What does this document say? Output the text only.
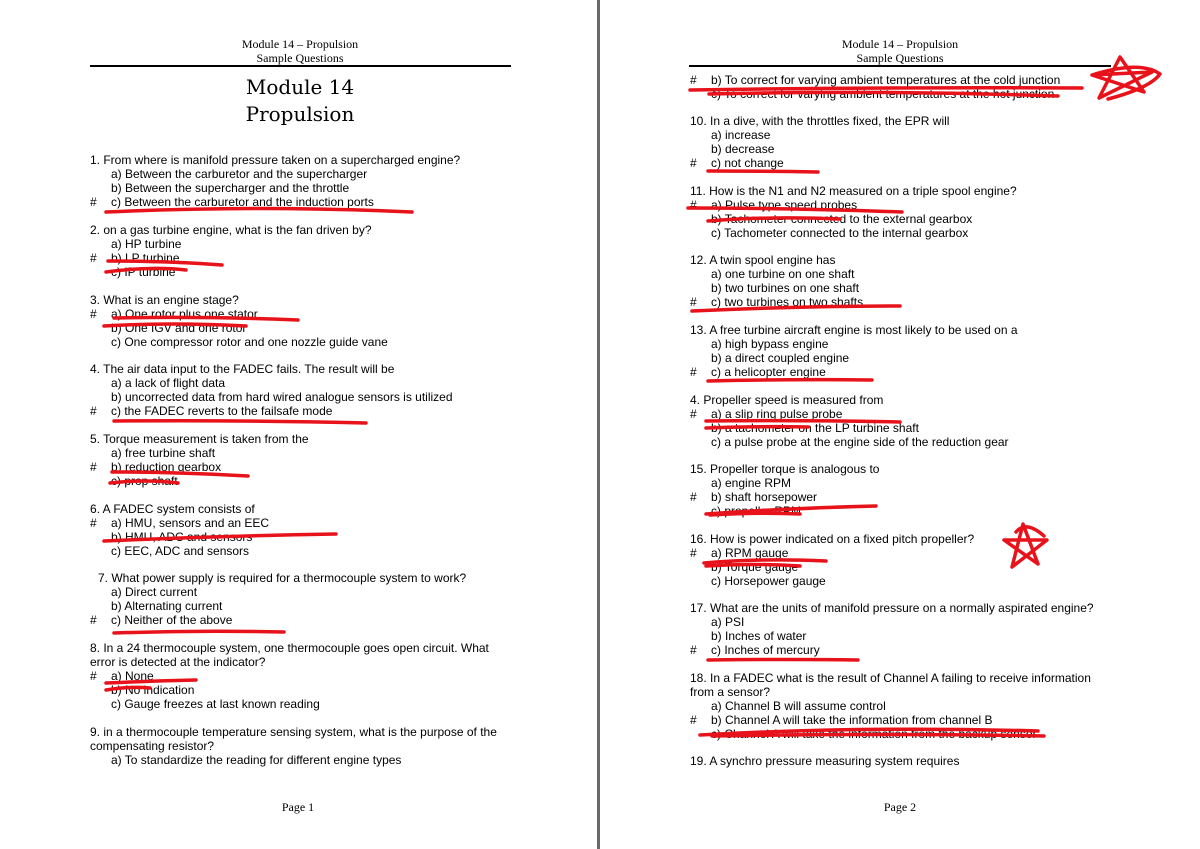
Module 14 – Propulsion
Sample Questions
Module 14
Propulsion
1. From where is manifold pressure taken on a supercharged engine?
a) Between the carburetor and the supercharger
b) Between the supercharger and the throttle
# c) Between the carburetor and the induction ports
2. on a gas turbine engine, what is the fan driven by?
a) HP turbine
# b) LP turbine
c) IP turbine
3. What is an engine stage?
# a) One rotor plus one stator
b) One IGV and one rotor
c) One compressor rotor and one nozzle guide vane
4. The air data input to the FADEC fails. The result will be
a) a lack of flight data
b) uncorrected data from hard wired analogue sensors is utilized
# c) the FADEC reverts to the failsafe mode
5. Torque measurement is taken from the
a) free turbine shaft
# b) reduction gearbox
c) prop shaft
6. A FADEC system consists of
# a) HMU, sensors and an EEC
b) HMU, ADC and sensors
c) EEC, ADC and sensors
7. What power supply is required for a thermocouple system to work?
a) Direct current
b) Alternating current
# c) Neither of the above
8. In a 24 thermocouple system, one thermocouple goes open circuit. What
error is detected at the indicator?
# a) None
b) No indication
c) Gauge freezes at last known reading
9. in a thermocouple temperature sensing system, what is the purpose of the
compensating resistor?
a) To standardize the reading for different engine types
Page 1
Module 14 – Propulsion
Sample Questions
# b) To correct for varying ambient temperatures at the cold junction
c) To correct for varying ambient temperatures at the hot junction
10. In a dive, with the throttles fixed, the EPR will
a) increase
b) decrease
# c) not change
11. How is the N1 and N2 measured on a triple spool engine?
# a) Pulse type speed probes
b) Tachometer connected to the external gearbox
c) Tachometer connected to the internal gearbox
12. A twin spool engine has
a) one turbine on one shaft
b) two turbines on one shaft
# c) two turbines on two shafts
13. A free turbine aircraft engine is most likely to be used on a
a) high bypass engine
b) a direct coupled engine
# c) a helicopter engine
4. Propeller speed is measured from
# a) a slip ring pulse probe
b) a tachometer on the LP turbine shaft
c) a pulse probe at the engine side of the reduction gear
15. Propeller torque is analogous to
a) engine RPM
# b) shaft horsepower
c) propeller RPM
16. How is power indicated on a fixed pitch propeller?
# a) RPM gauge
b) Torque gauge
c) Horsepower gauge
17. What are the units of manifold pressure on a normally aspirated engine?
a) PSI
b) Inches of water
# c) Inches of mercury
18. In a FADEC what is the result of Channel A failing to receive information
from a sensor?
a) Channel B will assume control
# b) Channel A will take the information from channel B
c) Channel A will take the information from the backup sensor
19. A synchro pressure measuring system requires
Page 2
